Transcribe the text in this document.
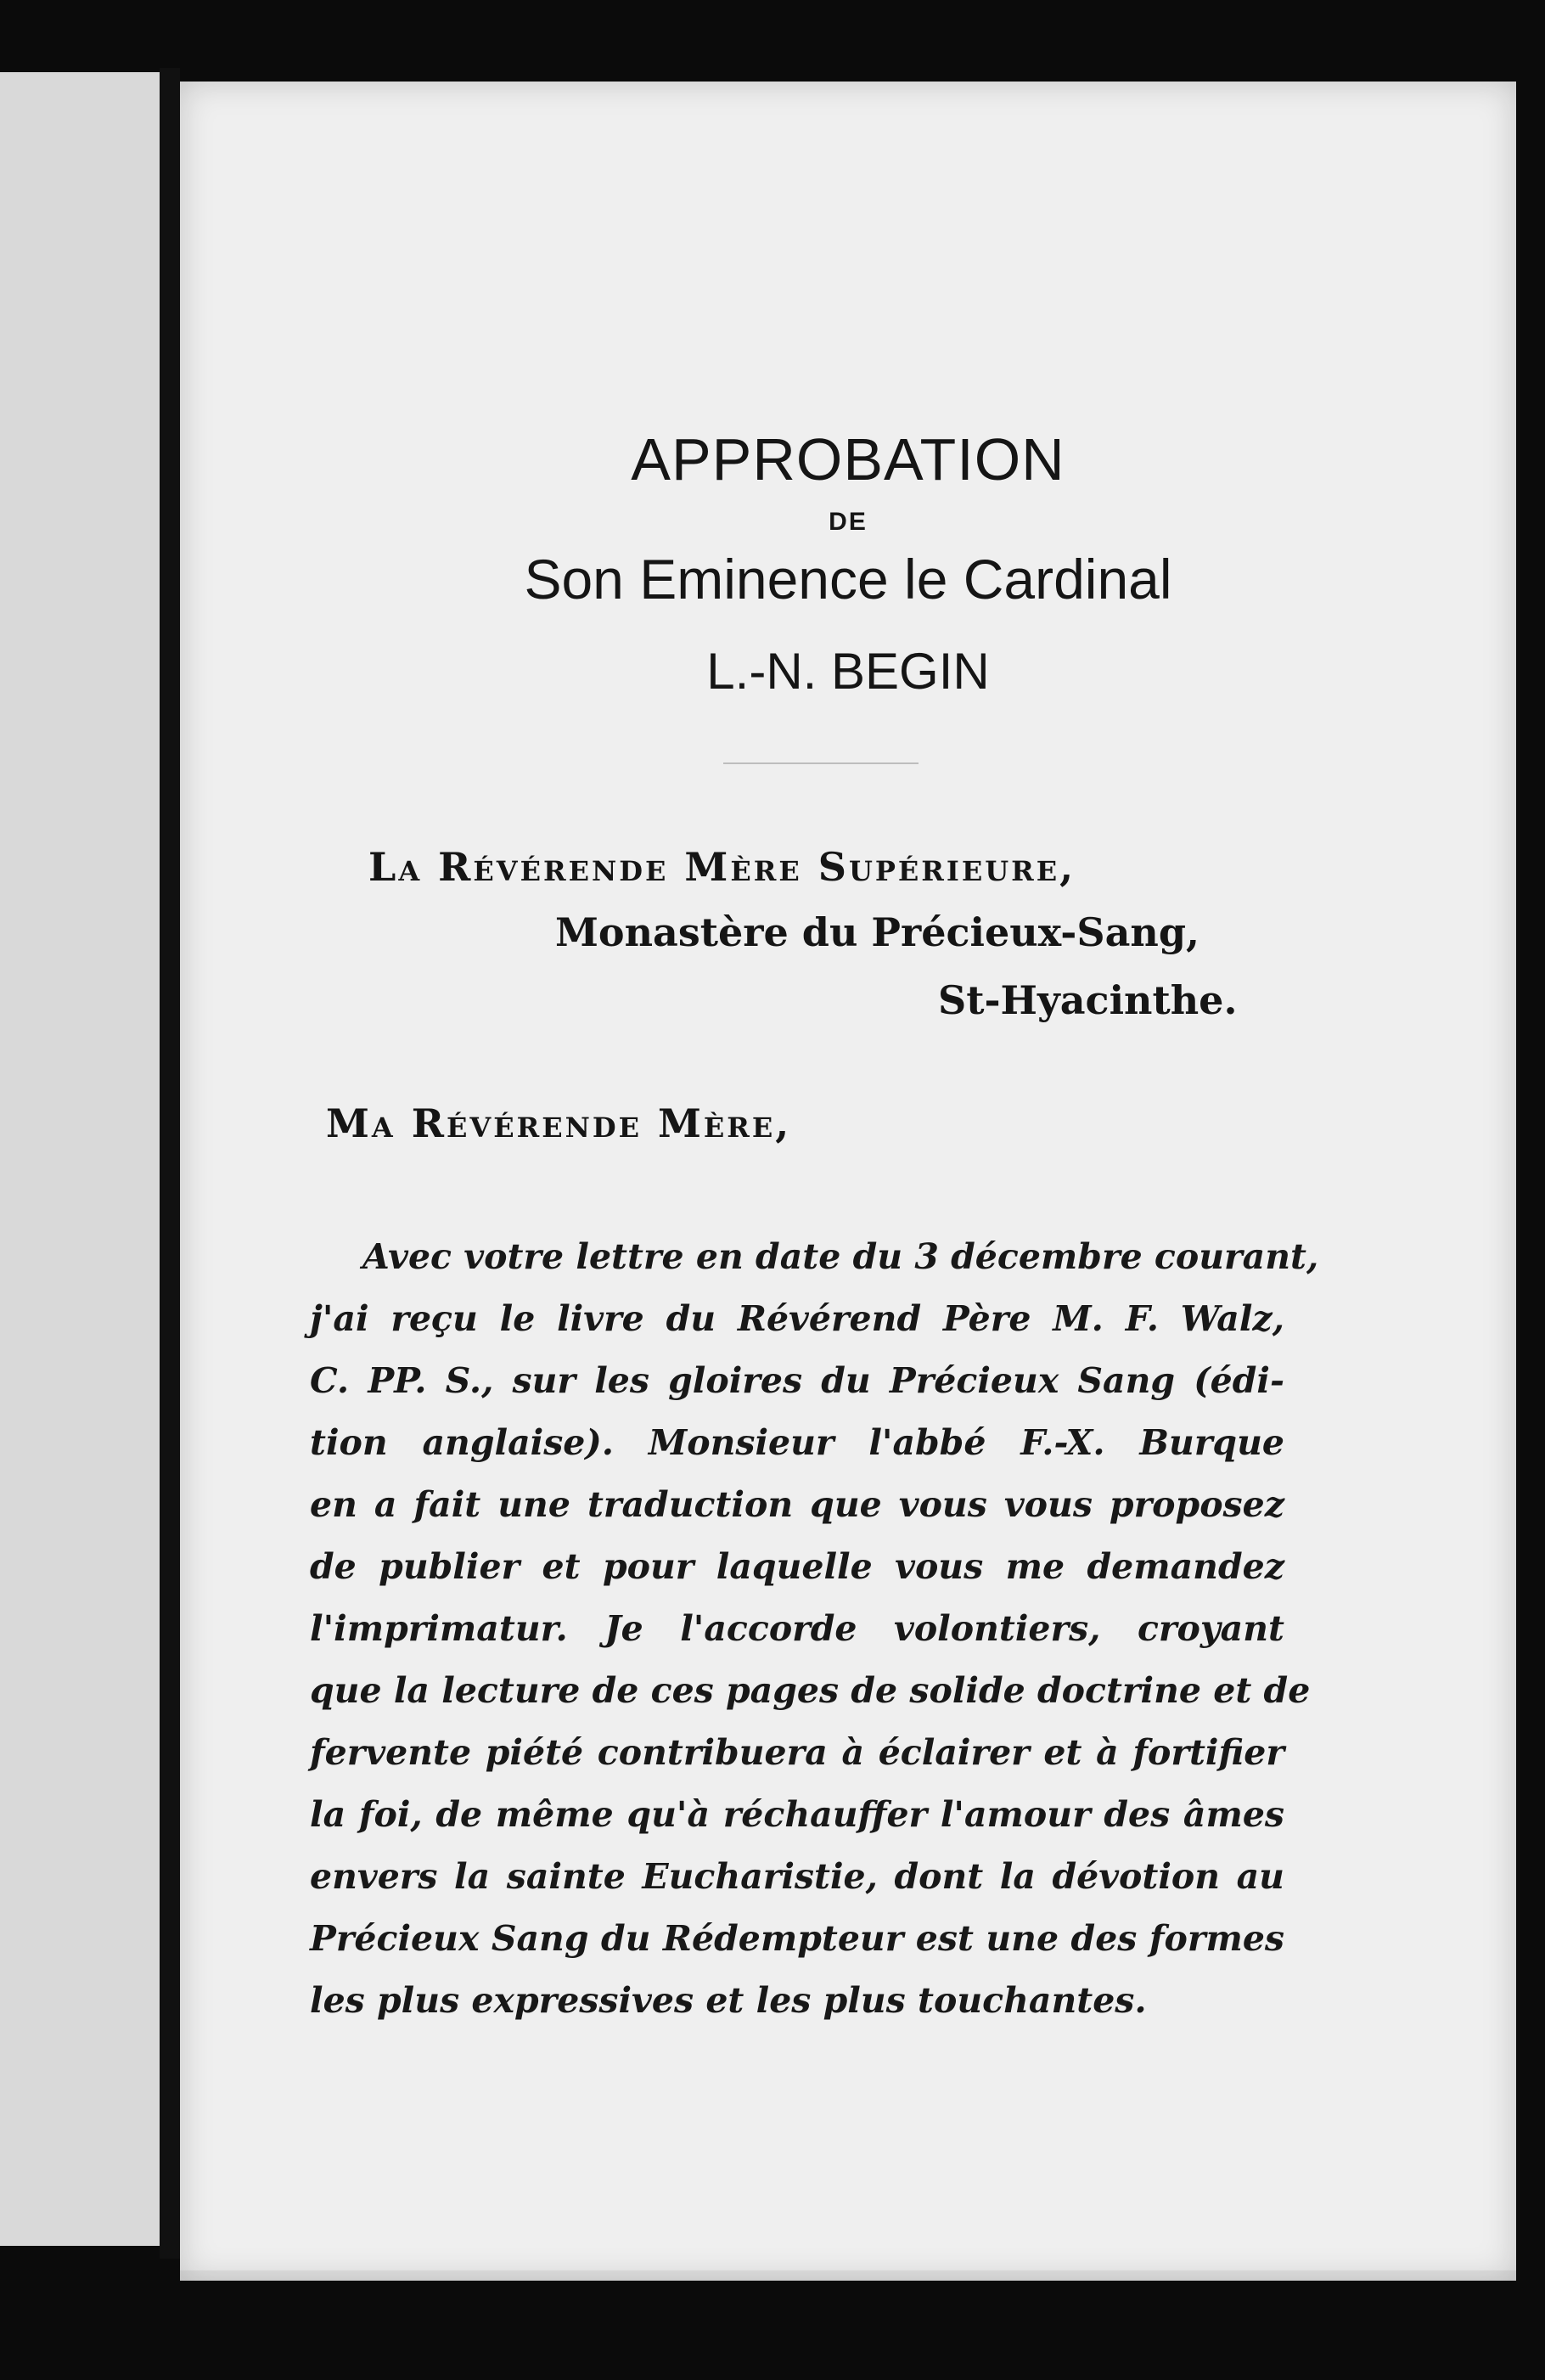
APPROBATION
DE
Son Eminence le Cardinal
L.-N. BEGIN

La Révérende Mère Supérieure,

Monastère du Précieux-Sang,

St-Hyacinthe.

Ma Révérende Mère,

Avec votre lettre en date du 3 décembre courant,
j'ai reçu le livre du Révérend Père M. F. Walz,
C. PP. S., sur les gloires du Précieux Sang (édi-
tion anglaise). Monsieur l'abbé F.-X. Burque
en a fait une traduction que vous vous proposez
de publier et pour laquelle vous me demandez
l'imprimatur. Je l'accorde volontiers, croyant
que la lecture de ces pages de solide doctrine et de
fervente piété contribuera à éclairer et à fortifier
la foi, de même qu'à réchauffer l'amour des âmes
envers la sainte Eucharistie, dont la dévotion au
Précieux Sang du Rédempteur est une des formes
les plus expressives et les plus touchantes.
